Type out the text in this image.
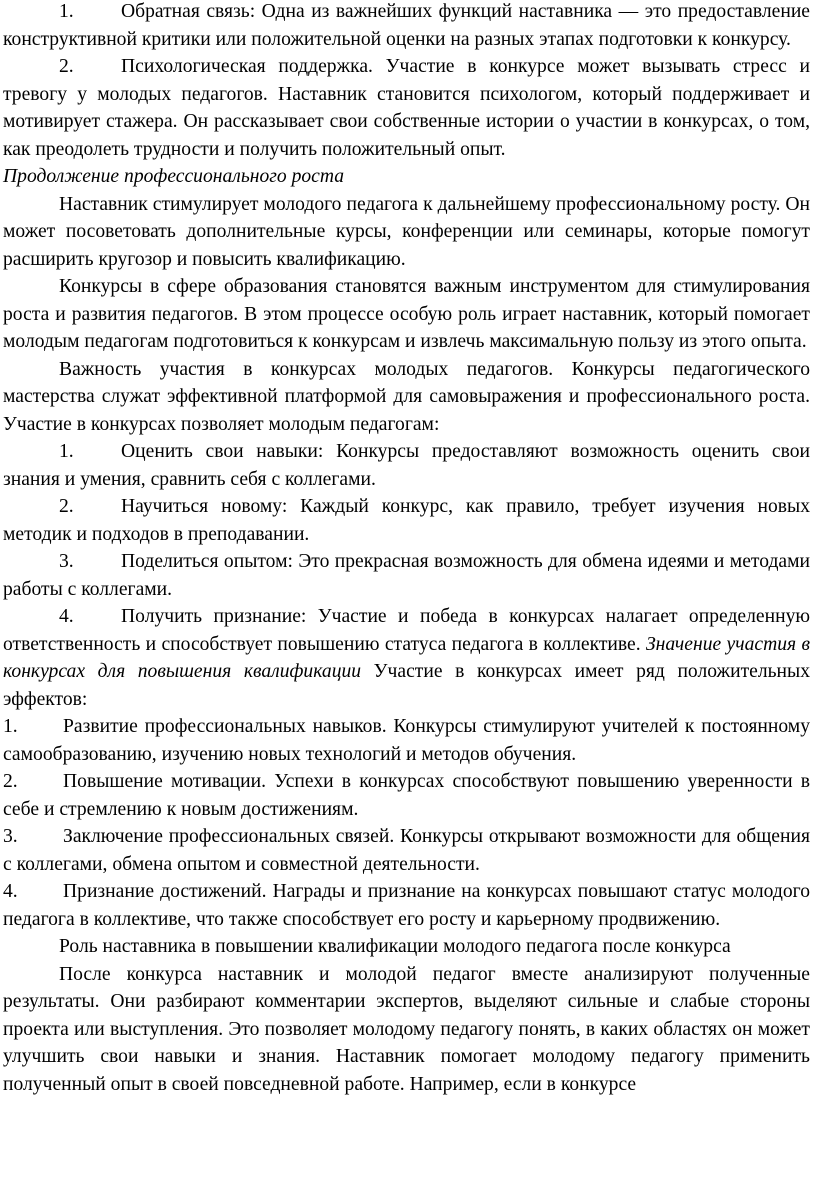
1. Обратная связь: Одна из важнейших функций наставника — это предоставление конструктивной критики или положительной оценки на разных этапах подготовки к конкурсу.

2. Психологическая поддержка. Участие в конкурсе может вызывать стресс и тревогу у молодых педагогов. Наставник становится психологом, который поддерживает и мотивирует стажера. Он рассказывает свои собственные истории о участии в конкурсах, о том, как преодолеть трудности и получить положительный опыт.

Продолжение профессионального роста

Наставник стимулирует молодого педагога к дальнейшему профессиональному росту. Он может посоветовать дополнительные курсы, конференции или семинары, которые помогут расширить кругозор и повысить квалификацию.

Конкурсы в сфере образования становятся важным инструментом для стимулирования роста и развития педагогов. В этом процессе особую роль играет наставник, который помогает молодым педагогам подготовиться к конкурсам и извлечь максимальную пользу из этого опыта.

Важность участия в конкурсах молодых педагогов. Конкурсы педагогического мастерства служат эффективной платформой для самовыражения и профессионального роста. Участие в конкурсах позволяет молодым педагогам:

1. Оценить свои навыки: Конкурсы предоставляют возможность оценить свои знания и умения, сравнить себя с коллегами.

2. Научиться новому: Каждый конкурс, как правило, требует изучения новых методик и подходов в преподавании.

3. Поделиться опытом: Это прекрасная возможность для обмена идеями и методами работы с коллегами.

4. Получить признание: Участие и победа в конкурсах налагает определенную ответственность и способствует повышению статуса педагога в коллективе. Значение участия в конкурсах для повышения квалификации Участие в конкурсах имеет ряд положительных эффектов:

1. Развитие профессиональных навыков. Конкурсы стимулируют учителей к постоянному самообразованию, изучению новых технологий и методов обучения.

2. Повышение мотивации. Успехи в конкурсах способствуют повышению уверенности в себе и стремлению к новым достижениям.

3. Заключение профессиональных связей. Конкурсы открывают возможности для общения с коллегами, обмена опытом и совместной деятельности.

4. Признание достижений. Награды и признание на конкурсах повышают статус молодого педагога в коллективе, что также способствует его росту и карьерному продвижению.

Роль наставника в повышении квалификации молодого педагога после конкурса

После конкурса наставник и молодой педагог вместе анализируют полученные результаты. Они разбирают комментарии экспертов, выделяют сильные и слабые стороны проекта или выступления. Это позволяет молодому педагогу понять, в каких областях он может улучшить свои навыки и знания. Наставник помогает молодому педагогу применить полученный опыт в своей повседневной работе. Например, если в конкурсе
